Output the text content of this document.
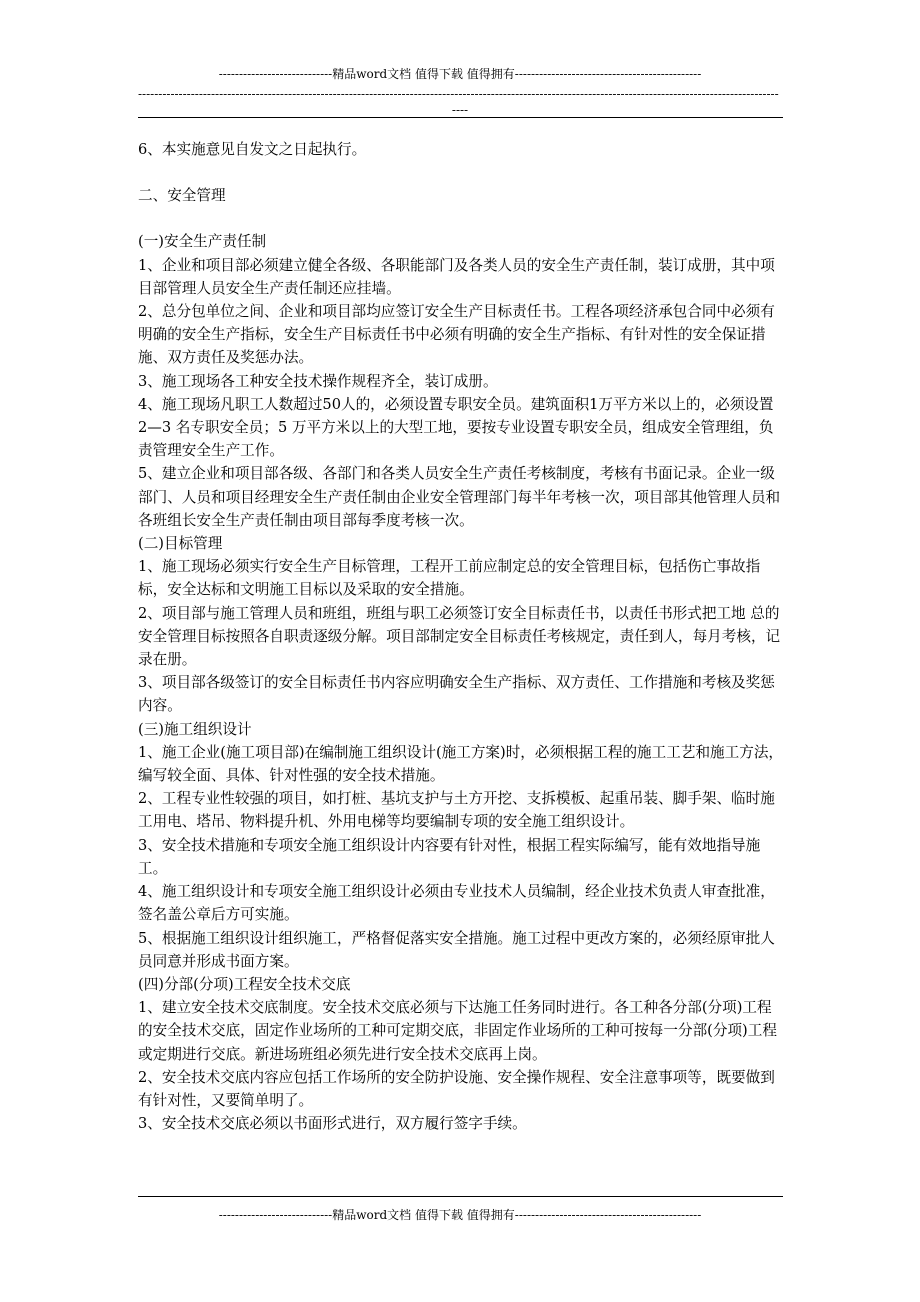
----------------------------精品word文档 值得下载 值得拥有----------------------------------------------
--------------------------------------------------------------------------------------------------------------------------------------------------------------
----

6、本实施意见自发文之日起执行。

二、安全管理

(一)安全生产责任制

1、企业和项目部必须建立健全各级、各职能部门及各类人员的安全生产责任制，装订成册，其中项目部管理人员安全生产责任制还应挂墙。

2、总分包单位之间、企业和项目部均应签订安全生产目标责任书。工程各项经济承包合同中必须有明确的安全生产指标，安全生产目标责任书中必须有明确的安全生产指标、有针对性的安全保证措施、双方责任及奖惩办法。

3、施工现场各工种安全技术操作规程齐全，装订成册。

4、施工现场凡职工人数超过50人的，必须设置专职安全员。建筑面积1万平方米以上的，必须设置 2—3 名专职安全员；5 万平方米以上的大型工地，要按专业设置专职安全员，组成安全管理组，负责管理安全生产工作。

5、建立企业和项目部各级、各部门和各类人员安全生产责任考核制度，考核有书面记录。企业一级部门、人员和项目经理安全生产责任制由企业安全管理部门每半年考核一次，项目部其他管理人员和各班组长安全生产责任制由项目部每季度考核一次。

(二)目标管理

1、施工现场必须实行安全生产目标管理，工程开工前应制定总的安全管理目标，包括伤亡事故指标，安全达标和文明施工目标以及采取的安全措施。

2、项目部与施工管理人员和班组，班组与职工必须签订安全目标责任书，以责任书形式把工地 总的安全管理目标按照各自职责逐级分解。项目部制定安全目标责任考核规定，责任到人，每月考核，记录在册。

3、项目部各级签订的安全目标责任书内容应明确安全生产指标、双方责任、工作措施和考核及奖惩内容。

(三)施工组织设计

1、施工企业(施工项目部)在编制施工组织设计(施工方案)时，必须根据工程的施工工艺和施工方法，编写较全面、具体、针对性强的安全技术措施。

2、工程专业性较强的项目，如打桩、基坑支护与土方开挖、支拆模板、起重吊装、脚手架、临时施工用电、塔吊、物料提升机、外用电梯等均要编制专项的安全施工组织设计。

3、安全技术措施和专项安全施工组织设计内容要有针对性，根据工程实际编写，能有效地指导施工。

4、施工组织设计和专项安全施工组织设计必须由专业技术人员编制，经企业技术负责人审查批准，签名盖公章后方可实施。

5、根据施工组织设计组织施工，严格督促落实安全措施。施工过程中更改方案的，必须经原审批人员同意并形成书面方案。

(四)分部(分项)工程安全技术交底

1、建立安全技术交底制度。安全技术交底必须与下达施工任务同时进行。各工种各分部(分项)工程的安全技术交底，固定作业场所的工种可定期交底，非固定作业场所的工种可按每一分部(分项)工程或定期进行交底。新进场班组必须先进行安全技术交底再上岗。

2、安全技术交底内容应包括工作场所的安全防护设施、安全操作规程、安全注意事项等，既要做到有针对性，又要简单明了。

3、安全技术交底必须以书面形式进行，双方履行签字手续。

----------------------------精品word文档 值得下载 值得拥有----------------------------------------------
